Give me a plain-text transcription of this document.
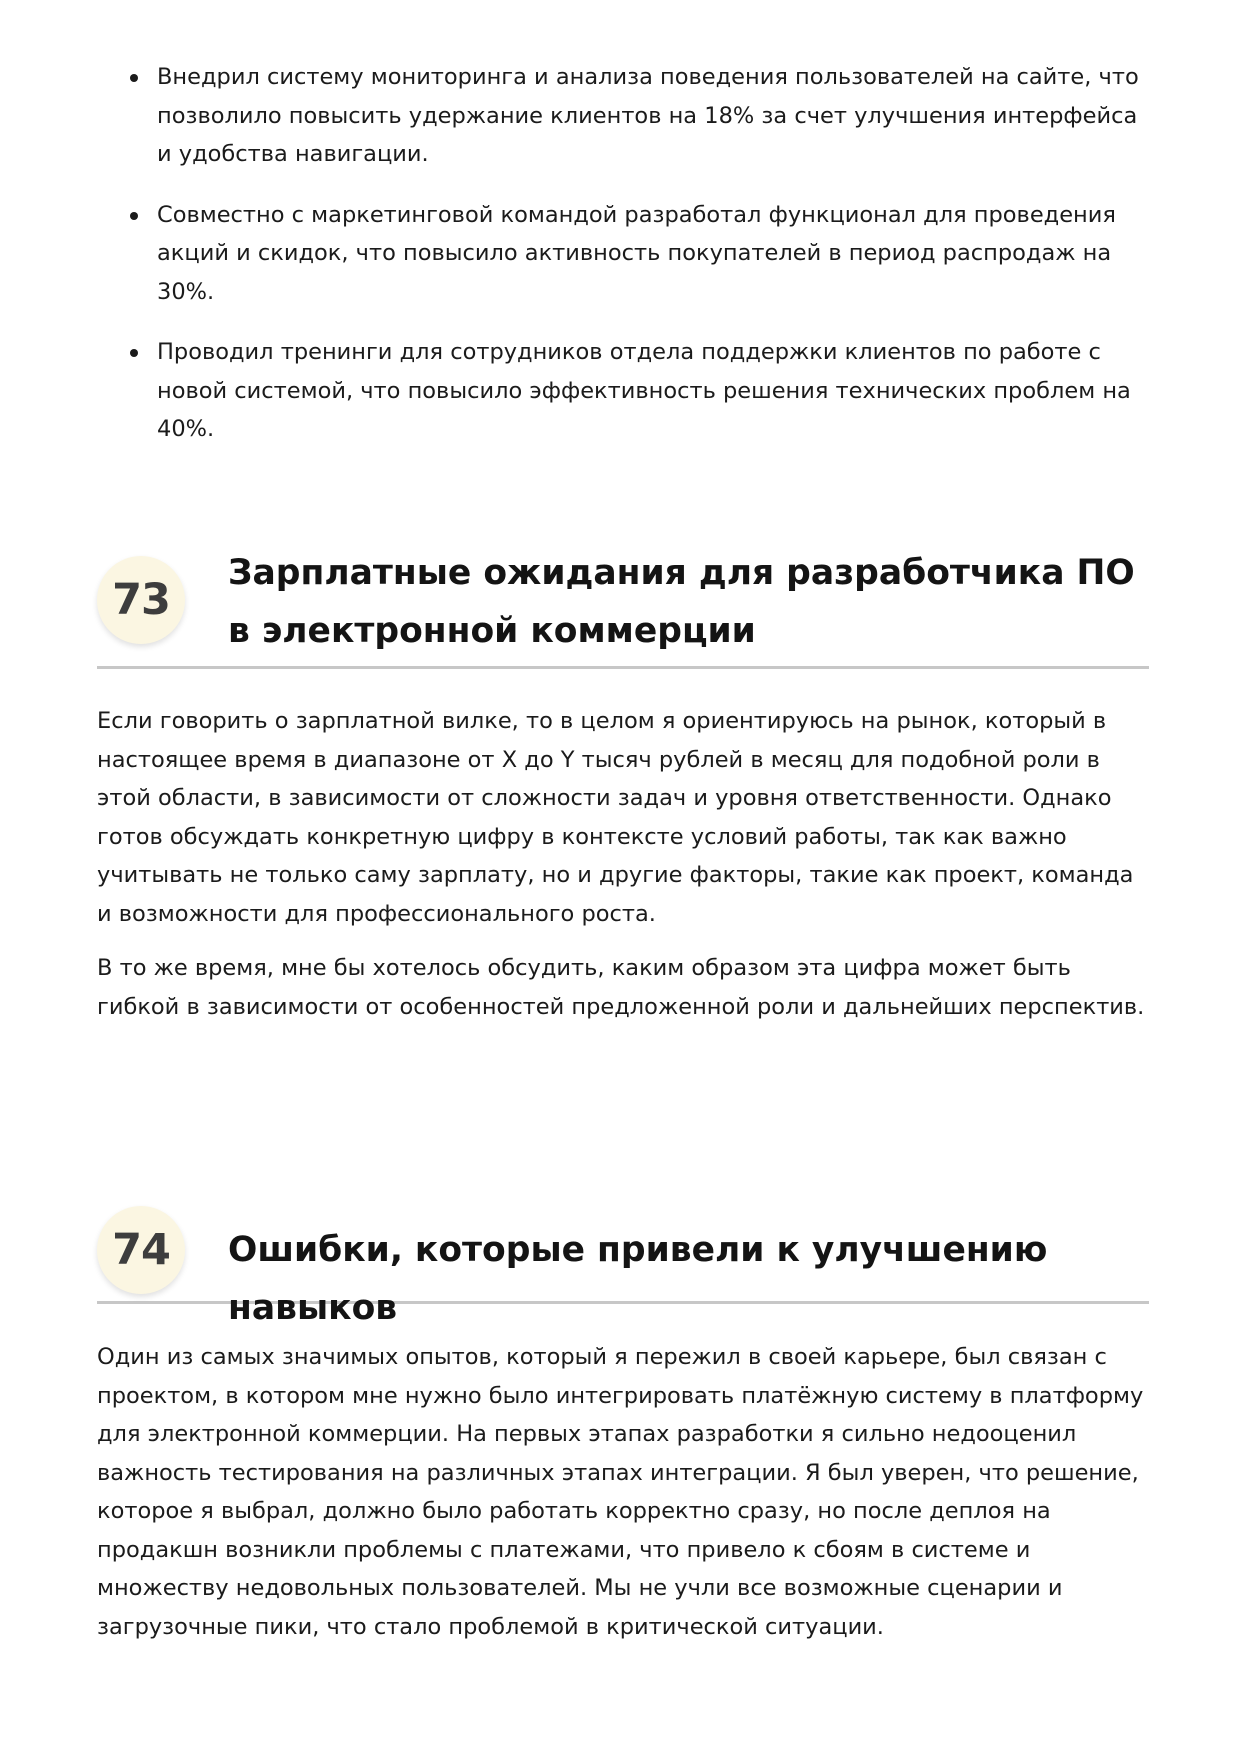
Внедрил систему мониторинга и анализа поведения пользователей на сайте, что позволило повысить удержание клиентов на 18% за счет улучшения интерфейса и удобства навигации.
Совместно с маркетинговой командой разработал функционал для проведения акций и скидок, что повысило активность покупателей в период распродаж на 30%.
Проводил тренинги для сотрудников отдела поддержки клиентов по работе с новой системой, что повысило эффективность решения технических проблем на 40%.
73
Зарплатные ожидания для разработчика ПО в электронной коммерции

Если говорить о зарплатной вилке, то в целом я ориентируюсь на рынок, который в настоящее время в диапазоне от X до Y тысяч рублей в месяц для подобной роли в этой области, в зависимости от сложности задач и уровня ответственности. Однако готов обсуждать конкретную цифру в контексте условий работы, так как важно учитывать не только саму зарплату, но и другие факторы, такие как проект, команда и возможности для профессионального роста.

В то же время, мне бы хотелось обсудить, каким образом эта цифра может быть гибкой в зависимости от особенностей предложенной роли и дальнейших перспектив.

74	Ошибки, которые привели к улучшению навыков

Один из самых значимых опытов, который я пережил в своей карьере, был связан с проектом, в котором мне нужно было интегрировать платёжную систему в платформу для электронной коммерции. На первых этапах разработки я сильно недооценил важность тестирования на различных этапах интеграции. Я был уверен, что решение, которое я выбрал, должно было работать корректно сразу, но после деплоя на продакшн возникли проблемы с платежами, что привело к сбоям в системе и множеству недовольных пользователей. Мы не учли все возможные сценарии и загрузочные пики, что стало проблемой в критической ситуации.
